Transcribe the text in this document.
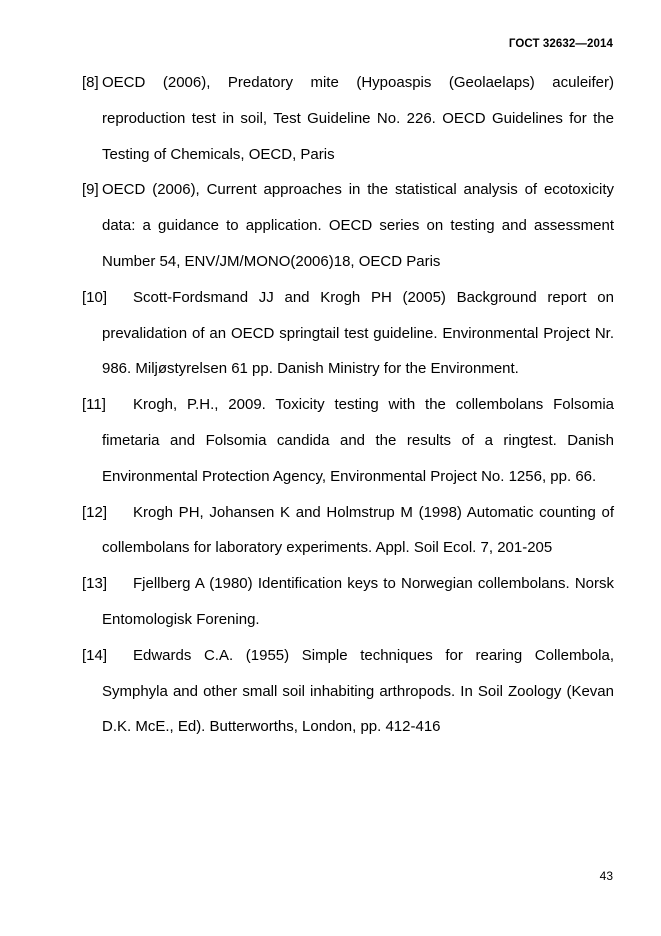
ГОСТ 32632—2014

[8] OECD (2006), Predatory mite (Hypoaspis (Geolaelaps) aculeifer) reproduction test in soil, Test Guideline No. 226. OECD Guidelines for the Testing of Chemicals, OECD, Paris

[9] OECD (2006), Current approaches in the statistical analysis of ecotoxicity data: a guidance to application. OECD series on testing and assessment Number 54, ENV/JM/MONO(2006)18, OECD Paris

[10]	Scott-Fordsmand JJ and Krogh PH (2005) Background report on prevalidation of an OECD springtail test guideline. Environmental Project Nr. 986. Miljøstyrelsen 61 pp. Danish Ministry for the Environment.

[11]	Krogh, P.H., 2009. Toxicity testing with the collembolans Folsomia fimetaria and Folsomia candida and the results of a ringtest. Danish Environmental Protection Agency, Environmental Project No. 1256, pp. 66.

[12]	Krogh PH, Johansen K and Holmstrup M (1998) Automatic counting of collembolans for laboratory experiments. Appl. Soil Ecol. 7, 201-205

[13]	Fjellberg A (1980) Identification keys to Norwegian collembolans. Norsk Entomologisk Forening.

[14]	Edwards C.A. (1955) Simple techniques for rearing Collembola, Symphyla and other small soil inhabiting arthropods. In Soil Zoology (Kevan D.K. McE., Ed). Butterworths, London, pp. 412-416

43
